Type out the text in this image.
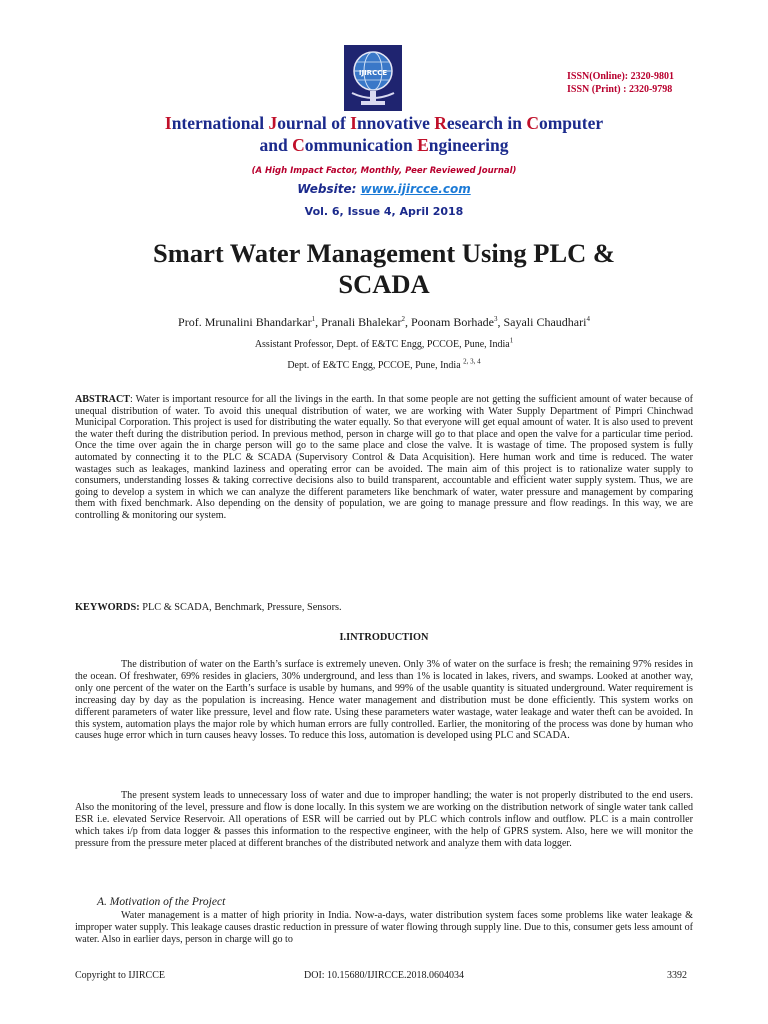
IJIRCCE	ISSN(Online): 2320-9801
ISSN (Print) : 2320-9798
International Journal of Innovative Research in Computer
and Communication Engineering
(A High Impact Factor, Monthly, Peer Reviewed Journal)
Website: www.ijircce.com
Vol. 6, Issue 4, April 2018
Smart Water Management Using PLC &
SCADA
Prof. Mrunalini Bhandarkar$^1$, Pranali Bhalekar$^2$, Poonam Borhade$^3$, Sayali Chaudhari$^4$
Assistant Professor, Dept. of E&TC Engg, PCCOE, Pune, India$^1$
Dept. of E&TC Engg, PCCOE, Pune, India $^{2, 3, 4}$
ABSTRACT: Water is important resource for all the livings in the earth. In that some people are not getting the sufficient amount of water because of unequal distribution of water. To avoid this unequal distribution of water, we are working with Water Supply Department of Pimpri Chinchwad Municipal Corporation. This project is used for distributing the water equally. So that everyone will get equal amount of water. It is also used to prevent the water theft during the distribution period. In previous method, person in charge will go to that place and open the valve for a particular time period. Once the time over again the in charge person will go to the same place and close the valve. It is wastage of time. The proposed system is fully automated by connecting it to the PLC & SCADA (Supervisory Control & Data Acquisition). Here human work and time is reduced. The water wastages such as leakages, mankind laziness and operating error can be avoided. The main aim of this project is to rationalize water supply to consumers, understanding losses & taking corrective decisions also to build transparent, accountable and efficient water supply system. Thus, we are going to develop a system in which we can analyze the different parameters like benchmark of water, water pressure and management by comparing them with fixed benchmark. Also depending on the density of population, we are going to manage pressure and flow readings. In this way, we are controlling & monitoring our system.
KEYWORDS: PLC & SCADA, Benchmark, Pressure, Sensors.
I.INTRODUCTION

The distribution of water on the Earth’s surface is extremely uneven. Only 3% of water on the surface is fresh; the remaining 97% resides in the ocean. Of freshwater, 69% resides in glaciers, 30% underground, and less than 1% is located in lakes, rivers, and swamps. Looked at another way, only one percent of the water on the Earth’s surface is usable by humans, and 99% of the usable quantity is situated underground. Water requirement is increasing day by day as the population is increasing. Hence water management and distribution must be done efficiently. This system works on different parameters of water like pressure, level and flow rate. Using these parameters water wastage, water leakage and water theft can be avoided. In this system, automation plays the major role by which human errors are fully controlled. Earlier, the monitoring of the process was done by human who causes huge error which in turn causes heavy losses. To reduce this loss, automation is developed using PLC and SCADA.

The present system leads to unnecessary loss of water and due to improper handling; the water is not properly distributed to the end users. Also the monitoring of the level, pressure and flow is done locally. In this system we are working on the distribution network of single water tank called ESR i.e. elevated Service Reservoir. All operations of ESR will be carried out by PLC which controls inflow and outflow. PLC is a main controller which takes i/p from data logger & passes this information to the respective engineer, with the help of GPRS system. Also, here we will monitor the pressure from the pressure meter placed at different branches of the distributed network and analyze them with data logger.

A. Motivation of the Project

Water management is a matter of high priority in India. Now-a-days, water distribution system faces some problems like water leakage & improper water supply. This leakage causes drastic reduction in pressure of water flowing through supply line. Due to this, consumer gets less amount of water. Also in earlier days, person in charge will go to

Copyright to IJIRCCE	DOI: 10.15680/IJIRCCE.2018.0604034	3392
